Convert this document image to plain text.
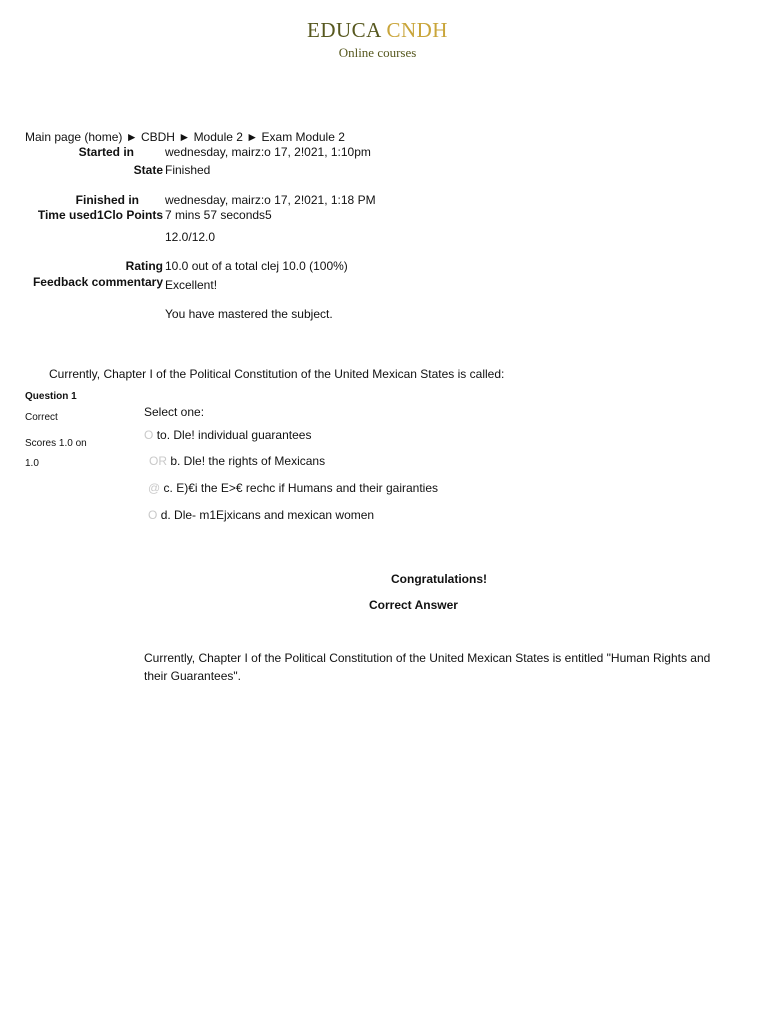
EDUCA CNDH
Online courses
Main page (home) ► CBDH ► Module 2 ► Exam Module 2
Started in	wednesday, mairz:o 17, 2!021, 1:10pm
State Finished
Finished in wednesday, mairz:o 17, 2!021, 1:18 PM
Time used1Clo Points 7 mins 57 seconds5
12.0/12.0
Rating 10.0 out of a total clej 10.0 (100%)
Feedback commentary Excellent!
You have mastered the subject.
Currently, Chapter I of the Political Constitution of the United Mexican States is called:
Question 1
Correct
Scores 1.0 on
1.0
Select one:
O to. Dle! individual guarantees
OR b. Dle! the rights of Mexicans
@ c. E)€i the E>€ rechc if Humans and their gairanties
O d. Dle- m1Ejxicans and mexican women
Congratulations!
Correct Answer
Currently, Chapter I of the Political Constitution of the United Mexican States is entitled "Human Rights and their Guarantees".
